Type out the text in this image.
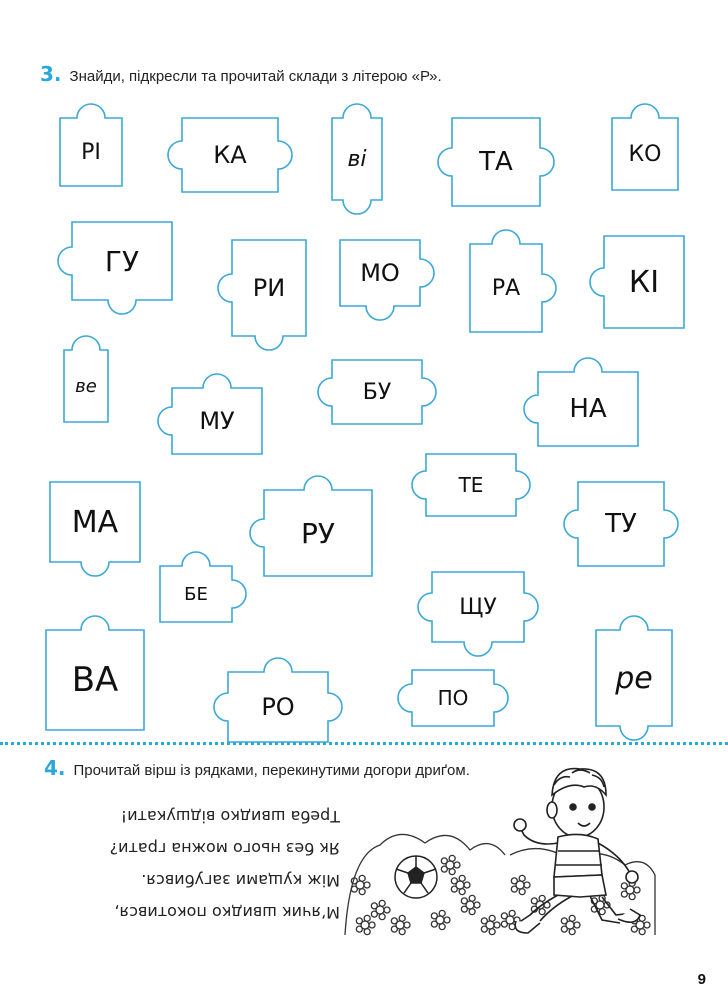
3. Знайди, підкресли та прочитай склади з літерою «Р».
РІ	КА	ві	ТА	КО
ГУ
РИ
МО
РА	КІ
ве
МУ
БУ
НА
ТЕ
МА	РУ	ТУ
БЕ
ЩУ
ВА
РО	ПО
ре
4. Прочитай вірш із рядками, перекинутими догори дриґом.
М’ячик швидко покотився,
Між кущами загубився.
Як без нього можна грати?
Треба швидко відшукати!
9
